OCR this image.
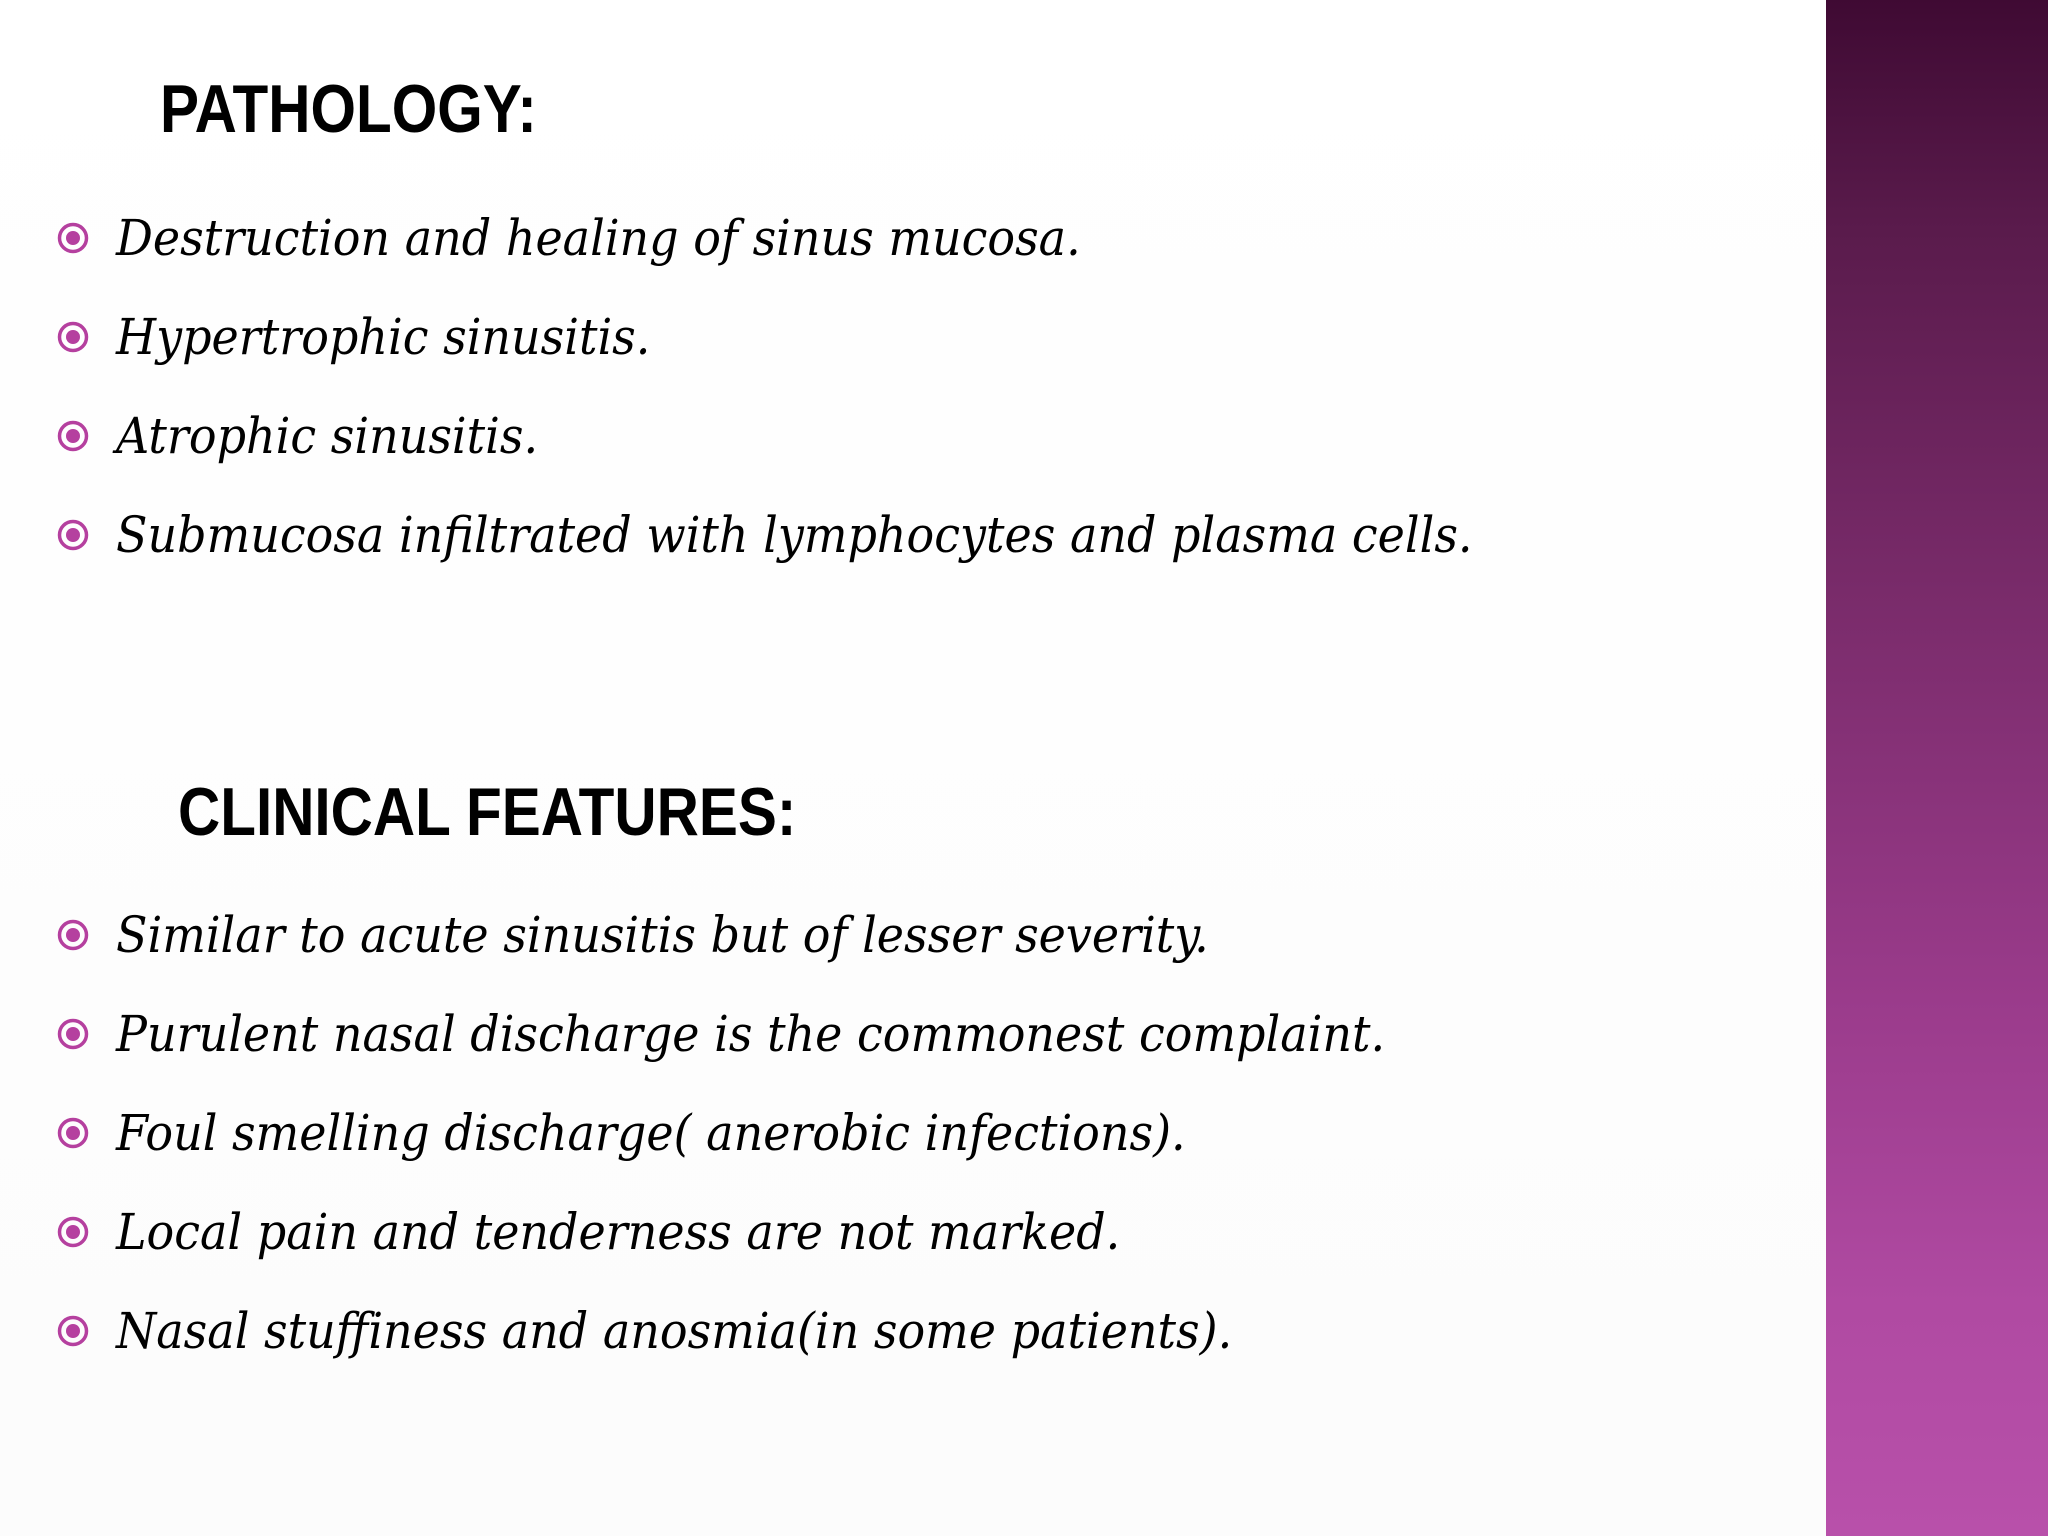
PATHOLOGY:
Destruction and healing of sinus mucosa.
Hypertrophic sinusitis.
Atrophic sinusitis.
Submucosa infiltrated with lymphocytes and plasma cells.
CLINICAL FEATURES:
Similar to acute sinusitis but of lesser severity.
Purulent nasal discharge is the commonest complaint.
Foul smelling discharge( anerobic infections).
Local pain and tenderness are not marked.
Nasal stuffiness and anosmia(in some patients).
